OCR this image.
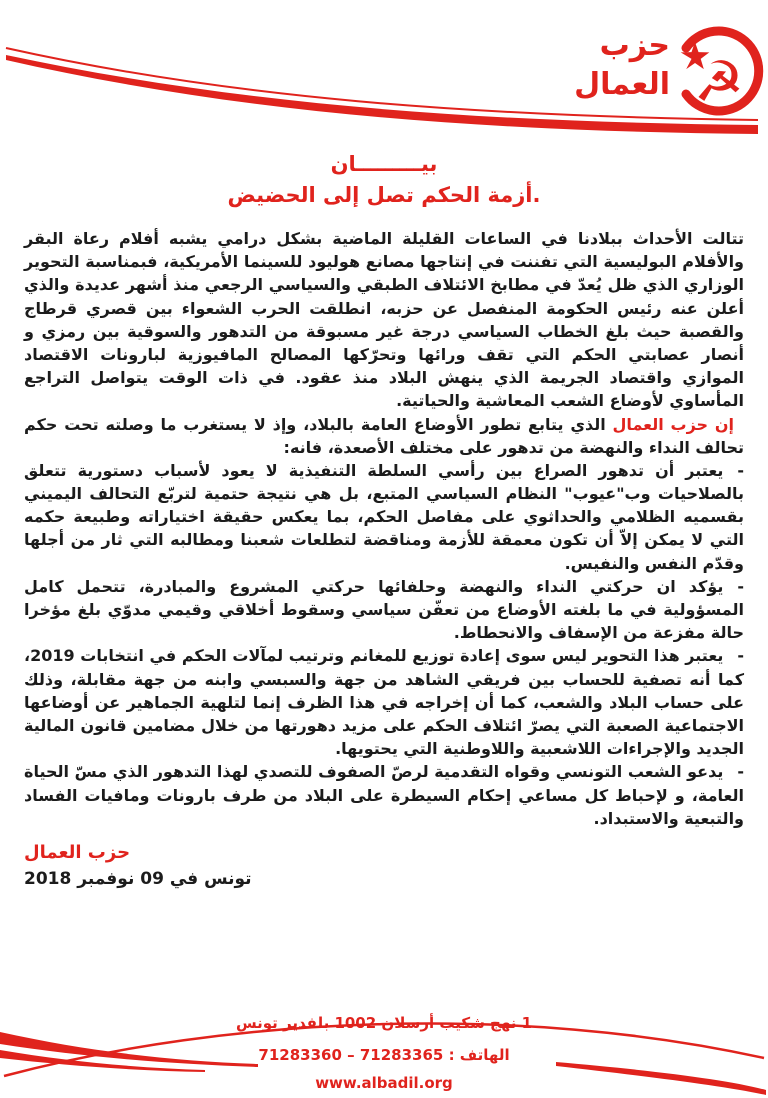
☭
حزب
العمال
بيـــــــــان
أزمة الحكم تصل إلى الحضيض.

تتالت الأحداث ببلادنا في الساعات القليلة الماضية بشكل درامي يشبه أفلام رعاة البقر والأفلام البوليسية التي تفننت في إنتاجها مصانع هوليود للسينما الأمريكية، فبمناسبة التحوير الوزاري الذي ظل يُعدّ في مطابخ الائتلاف الطبقي والسياسي الرجعي منذ أشهر عديدة والذي أعلن عنه رئيس الحكومة المنفصل عن حزبه، انطلقت الحرب الشعواء بين قصري قرطاج والقصبة حيث بلغ الخطاب السياسي درجة غير مسبوقة من التدهور والسوقية بين رمزي و أنصار عصابتي الحكم التي تقف ورائها وتحرّكها المصالح المافيوزية لبارونات الاقتصاد الموازي واقتصاد الجريمة الذي ينهش البلاد منذ عقود. في ذات الوقت يتواصل التراجع المأساوي لأوضاع الشعب المعاشية والحياتية.

إن حزب العمال الذي يتابع تطور الأوضاع العامة بالبلاد، وإذ لا يستغرب ما وصلته تحت حكم تحالف النداء والنهضة من تدهور على مختلف الأصعدة، فانه:

-يعتبر أن تدهور الصراع بين رأسي السلطة التنفيذية لا يعود لأسباب دستورية تتعلق بالصلاحيات وب"عيوب" النظام السياسي المتبع، بل هي نتيجة حتمية لتربّع التحالف اليميني بقسميه الظلامي والحداثوي على مفاصل الحكم، بما يعكس حقيقة اختياراته وطبيعة حكمه التي لا يمكن إلاّ أن تكون معمقة للأزمة ومناقضة لتطلعات شعبنا ومطالبه التي ثار من أجلها وقدّم النفس والنفيس.

-يؤكد ان حركتي النداء والنهضة وحلفائها حركتي المشروع والمبادرة، تتحمل كامل المسؤولية في ما بلغته الأوضاع من تعفّن سياسي وسقوط أخلاقي وقيمي مدوّي بلغ مؤخرا حالة مفزعة من الإسفاف والانحطاط.

-يعتبر هذا التحوير ليس سوى إعادة توزيع للمغانم وترتيب لمآلات الحكم في انتخابات 2019، كما أنه تصفية للحساب بين فريقي الشاهد من جهة والسبسي وابنه من جهة مقابلة، وذلك على حساب البلاد والشعب، كما أن إخراجه في هذا الظرف إنما لتلهية الجماهير عن أوضاعها الاجتماعية الصعبة التي يصرّ ائتلاف الحكم على مزيد دهورتها من خلال مضامين قانون المالية الجديد والإجراءات اللاشعبية واللاوطنية التي يحتويها.

-يدعو الشعب التونسي وقواه التقدمية لرصّ الصفوف للتصدي لهذا التدهور الذي مسّ الحياة العامة، و لإحباط كل مساعي إحكام السيطرة على البلاد من طرف بارونات ومافيات الفساد والتبعية والاستبداد.

حزب العمال
تونس في 09 نوفمبر 2018
1 نهج شكيب أرسلان 1002 بلفدير تونس
الهاتف : 71283365 – 71283360
www.albadil.org
